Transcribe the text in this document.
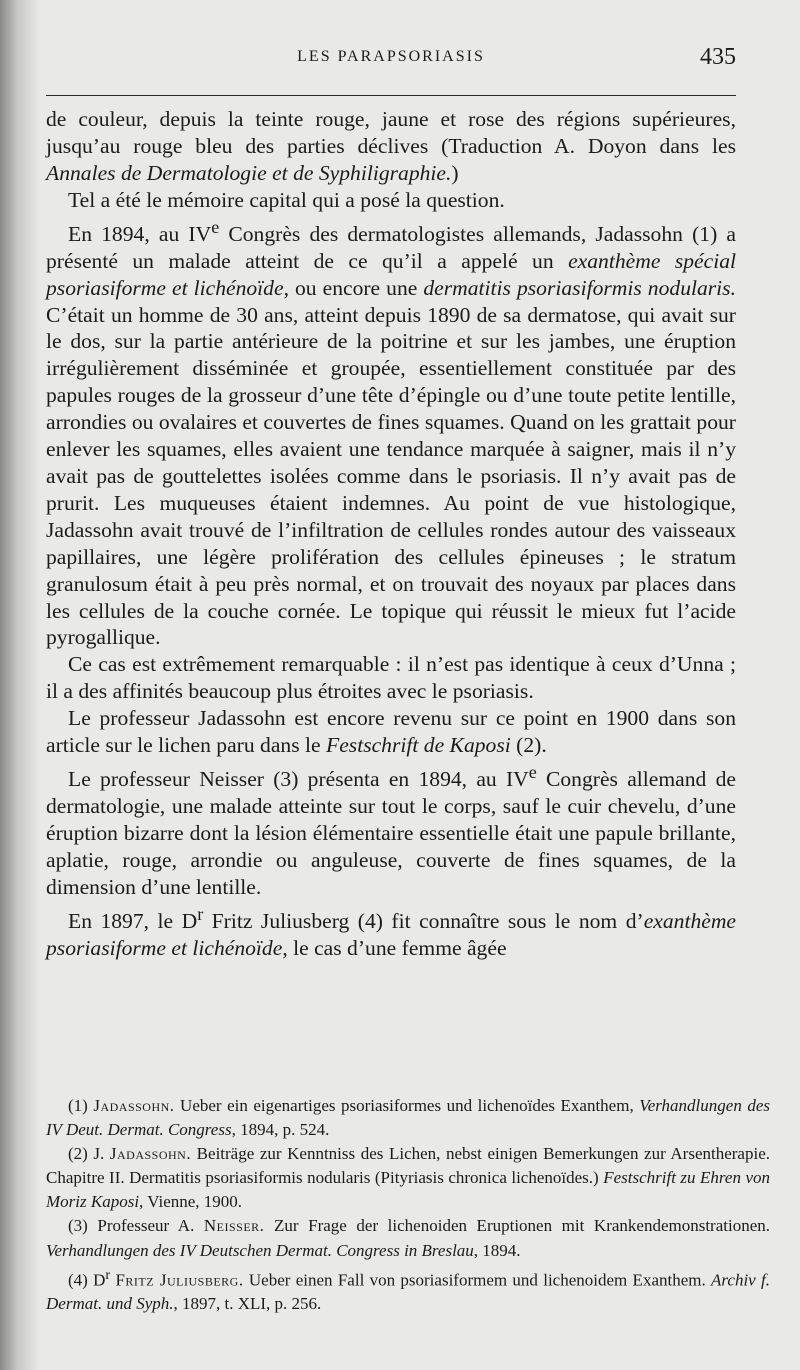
LES PARAPSORIASIS	435

de couleur, depuis la teinte rouge, jaune et rose des régions supérieures, jusqu’au rouge bleu des parties déclives (Traduction A. Doyon dans les Annales de Dermatologie et de Syphiligraphie.)

Tel a été le mémoire capital qui a posé la question.

En 1894, au IVe Congrès des dermatologistes allemands, Jadassohn (1) a présenté un malade atteint de ce qu’il a appelé un exanthème spécial psoriasiforme et lichénoïde, ou encore une dermatitis psoriasiformis nodularis. C’était un homme de 30 ans, atteint depuis 1890 de sa dermatose, qui avait sur le dos, sur la partie antérieure de la poitrine et sur les jambes, une éruption irrégulièrement disséminée et groupée, essentiellement constituée par des papules rouges de la grosseur d’une tête d’épingle ou d’une toute petite lentille, arrondies ou ovalaires et couvertes de fines squames. Quand on les grattait pour enlever les squames, elles avaient une tendance marquée à saigner, mais il n’y avait pas de gouttelettes isolées comme dans le psoriasis. Il n’y avait pas de prurit. Les muqueuses étaient indemnes. Au point de vue histologique, Jadassohn avait trouvé de l’infiltration de cellules rondes autour des vaisseaux papillaires, une légère prolifération des cellules épineuses ; le stratum granulosum était à peu près normal, et on trouvait des noyaux par places dans les cellules de la couche cornée. Le topique qui réussit le mieux fut l’acide pyrogallique.

Ce cas est extrêmement remarquable : il n’est pas identique à ceux d’Unna ; il a des affinités beaucoup plus étroites avec le psoriasis.

Le professeur Jadassohn est encore revenu sur ce point en 1900 dans son article sur le lichen paru dans le Festschrift de Kaposi (2).

Le professeur Neisser (3) présenta en 1894, au IVe Congrès allemand de dermatologie, une malade atteinte sur tout le corps, sauf le cuir chevelu, d’une éruption bizarre dont la lésion élémentaire essentielle était une papule brillante, aplatie, rouge, arrondie ou anguleuse, couverte de fines squames, de la dimension d’une lentille.

En 1897, le $D^r$ Fritz Juliusberg (4) fit connaître sous le nom d’exanthème psoriasiforme et lichénoïde, le cas d’une femme âgée

(1) Jadassohn. Ueber ein eigenartiges psoriasiformes und lichenoïdes Exanthem, Verhandlungen des IV Deut. Dermat. Congress, 1894, p. 524.

(2) J. Jadassohn. Beiträge zur Kenntniss des Lichen, nebst einigen Bemerkungen zur Arsentherapie. Chapitre II. Dermatitis psoriasiformis nodularis (Pityriasis chronica lichenoïdes.) Festschrift zu Ehren von Moriz Kaposi, Vienne, 1900.

(3) Professeur A. Neisser. Zur Frage der lichenoiden Eruptionen mit Krankendemonstrationen. Verhandlungen des IV Deutschen Dermat. Congress in Breslau, 1894.

(4) $D^r$ Fritz Juliusberg. Ueber einen Fall von psoriasiformem und lichenoidem Exanthem. Archiv f. Dermat. und Syph., 1897, t. XLI, p. 256.
